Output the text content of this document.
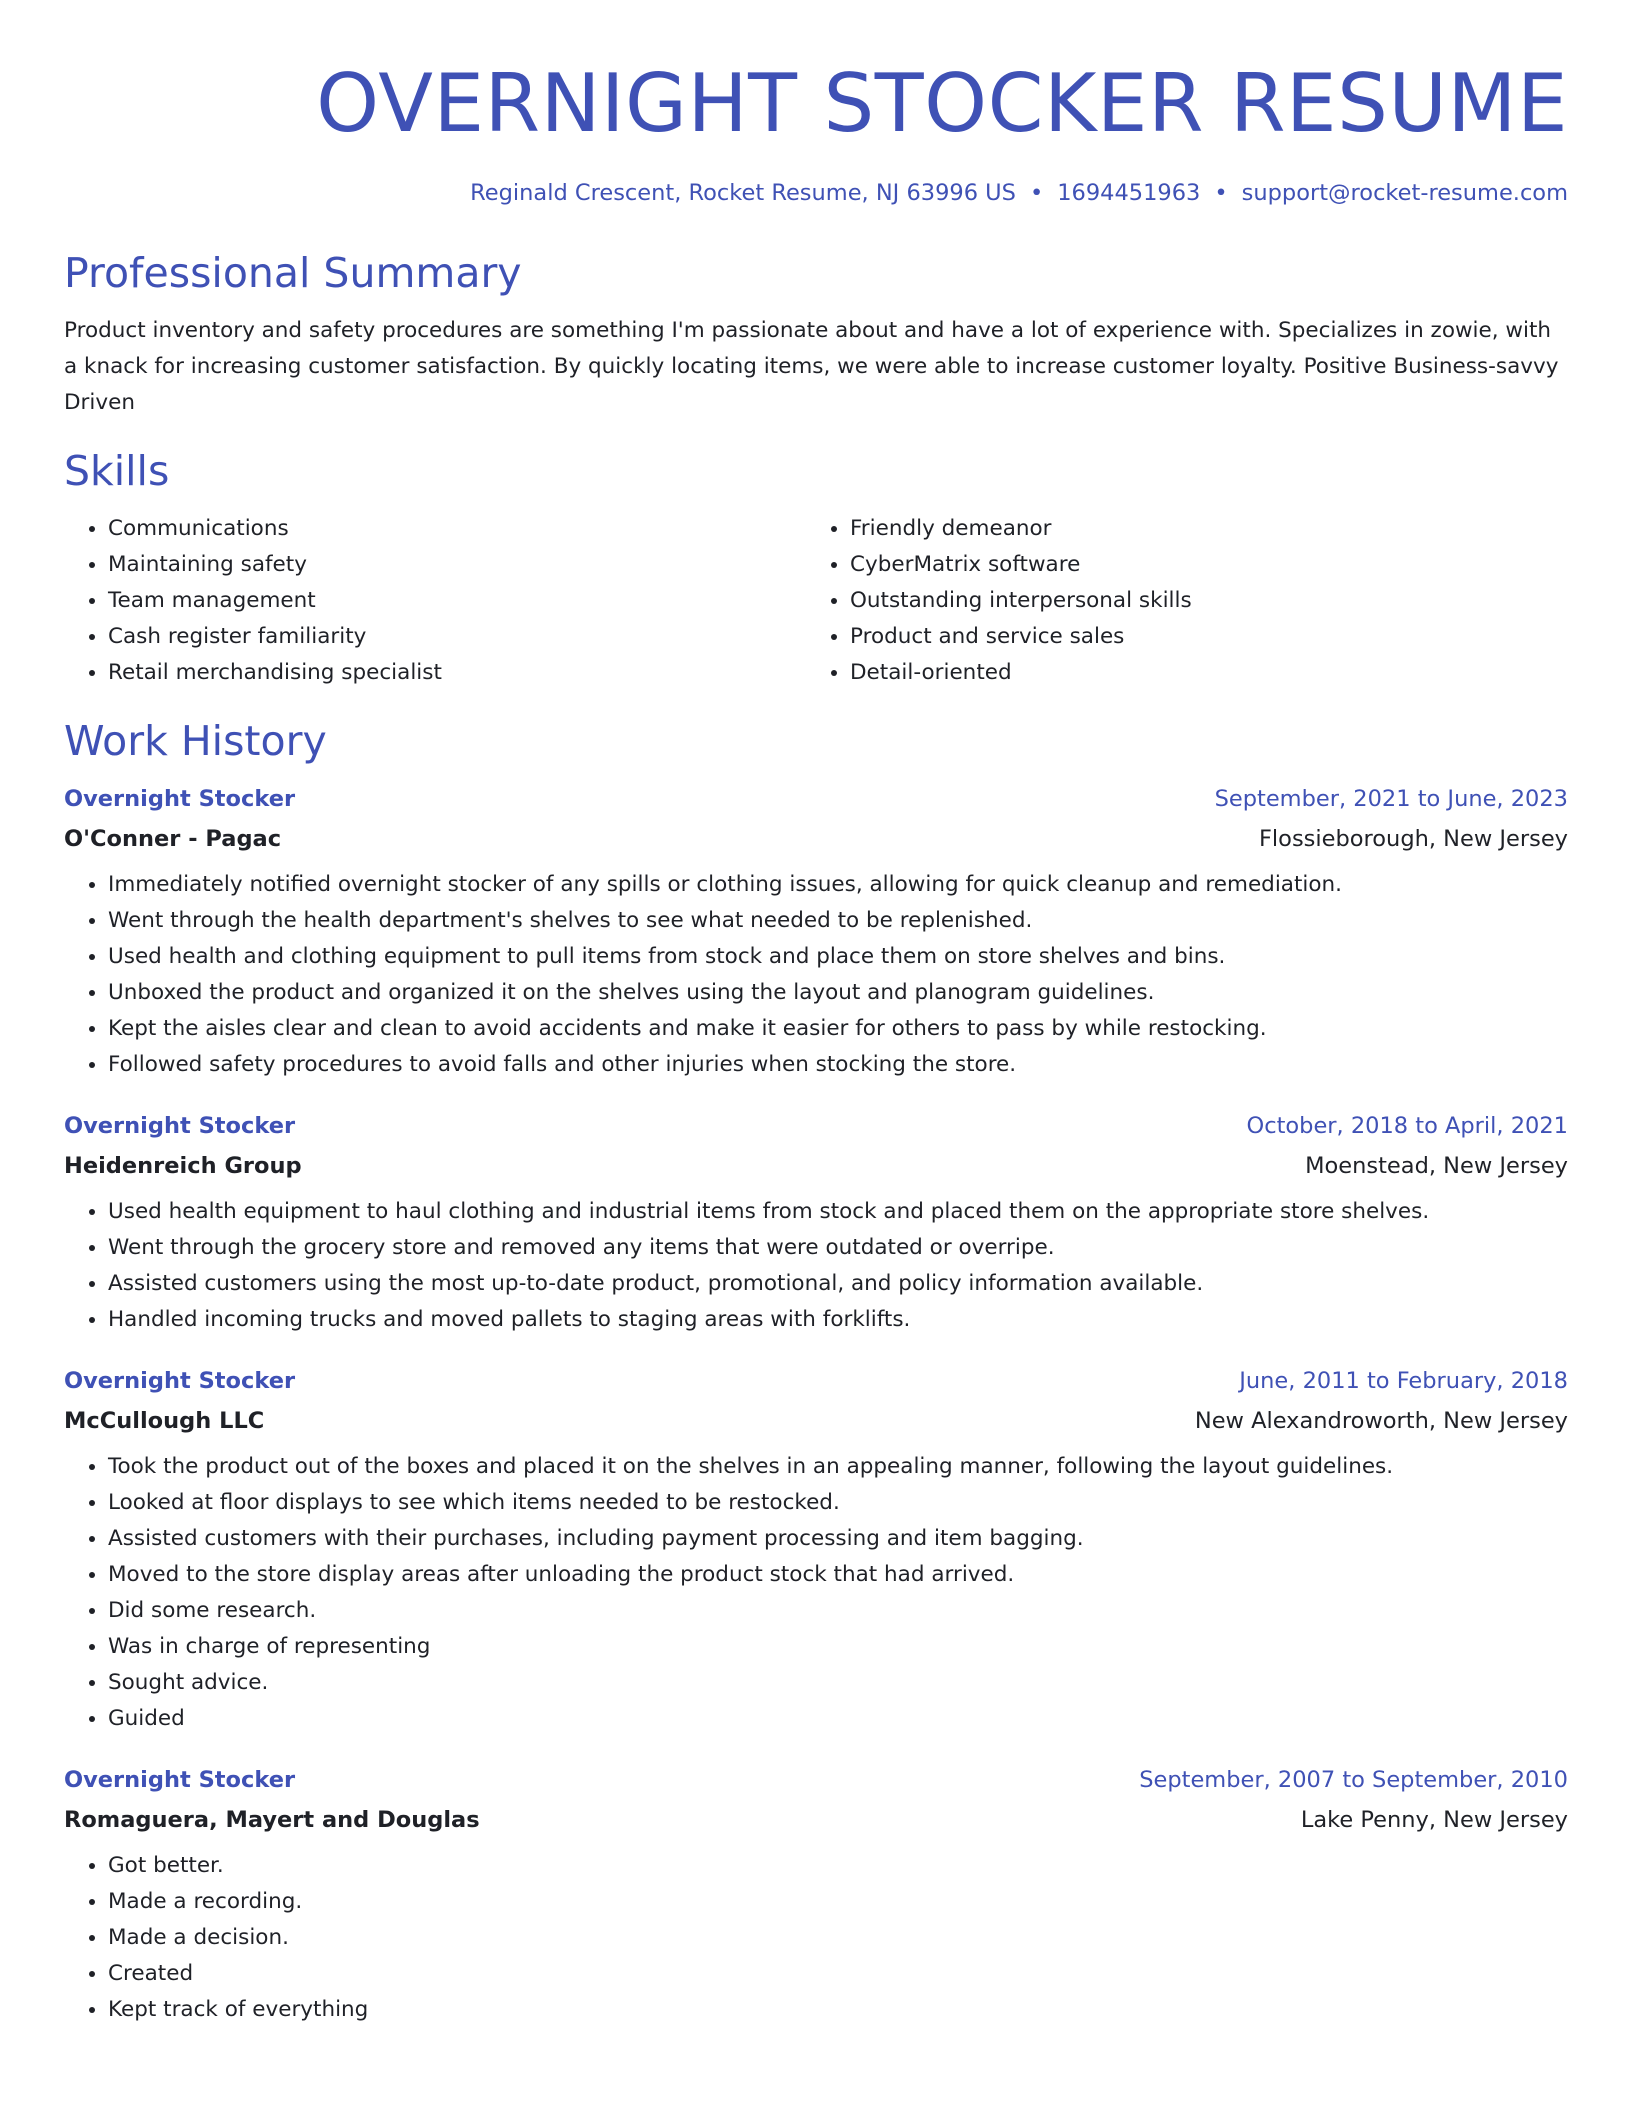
OVERNIGHT STOCKER RESUME
Reginald Crescent, Rocket Resume, NJ 63996 US • 1694451963 • support@rocket-resume.com
Professional Summary
Product inventory and safety procedures are something I'm passionate about and have a lot of experience with. Specializes in zowie, with a knack for increasing customer satisfaction. By quickly locating items, we were able to increase customer loyalty. Positive Business-savvy Driven
Skills
• Communications
• Maintaining safety
• Team management
• Cash register familiarity
• Retail merchandising specialist
• Friendly demeanor
• CyberMatrix software
• Outstanding interpersonal skills
• Product and service sales
• Detail-oriented
Work History
Overnight Stocker	September, 2021 to June, 2023
O'Conner - Pagac	Flossieborough, New Jersey
• Immediately notified overnight stocker of any spills or clothing issues, allowing for quick cleanup and remediation.
• Went through the health department's shelves to see what needed to be replenished.
• Used health and clothing equipment to pull items from stock and place them on store shelves and bins.
• Unboxed the product and organized it on the shelves using the layout and planogram guidelines.
• Kept the aisles clear and clean to avoid accidents and make it easier for others to pass by while restocking.
• Followed safety procedures to avoid falls and other injuries when stocking the store.
Overnight Stocker	October, 2018 to April, 2021
Heidenreich Group	Moenstead, New Jersey
• Used health equipment to haul clothing and industrial items from stock and placed them on the appropriate store shelves.
• Went through the grocery store and removed any items that were outdated or overripe.
• Assisted customers using the most up-to-date product, promotional, and policy information available.
• Handled incoming trucks and moved pallets to staging areas with forklifts.
Overnight Stocker	June, 2011 to February, 2018
McCullough LLC	New Alexandroworth, New Jersey
• Took the product out of the boxes and placed it on the shelves in an appealing manner, following the layout guidelines.
• Looked at floor displays to see which items needed to be restocked.
• Assisted customers with their purchases, including payment processing and item bagging.
• Moved to the store display areas after unloading the product stock that had arrived.
• Did some research.
• Was in charge of representing
• Sought advice.
• Guided
Overnight Stocker	September, 2007 to September, 2010
Romaguera, Mayert and Douglas	Lake Penny, New Jersey
• Got better.
• Made a recording.
• Made a decision.
• Created
• Kept track of everything
